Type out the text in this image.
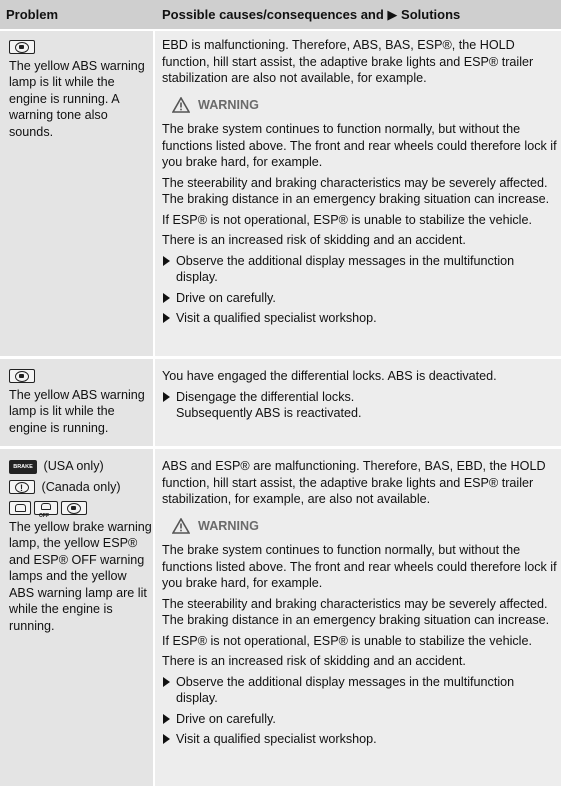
Problem	Possible causes/consequences and ▶ Solutions

The yellow ABS warning lamp is lit while the engine is running. A warning tone also sounds.

EBD is malfunctioning. Therefore, ABS, BAS, ESP®, the HOLD function, hill start assist, the adaptive brake lights and ESP® trailer stabilization are also not available, for example.

WARNING

The brake system continues to function normally, but without the functions listed above. The front and rear wheels could therefore lock if you brake hard, for example.

The steerability and braking characteristics may be severely affected. The braking distance in an emergency braking situation can increase.

If ESP® is not operational, ESP® is unable to stabilize the vehicle.

There is an increased risk of skidding and an accident.

Observe the additional display messages in the multifunction display.
Drive on carefully.
Visit a qualified specialist workshop.

The yellow ABS warning lamp is lit while the engine is running.

You have engaged the differential locks. ABS is deactivated.

Disengage the differential locks.
Subsequently ABS is reactivated.
BRAKE (USA only)
!
(Canada only)
OFF

The yellow brake warning lamp, the yellow ESP® and ESP® OFF warning lamps and the yellow ABS warning lamp are lit while the engine is running.

ABS and ESP® are malfunctioning. Therefore, BAS, EBD, the HOLD function, hill start assist, the adaptive brake lights and ESP® trailer stabilization, for example, are also not available.

WARNING

The brake system continues to function normally, but without the functions listed above. The front and rear wheels could therefore lock if you brake hard, for example.

The steerability and braking characteristics may be severely affected. The braking distance in an emergency braking situation can increase.

If ESP® is not operational, ESP® is unable to stabilize the vehicle.

There is an increased risk of skidding and an accident.

Observe the additional display messages in the multifunction display.
Drive on carefully.
Visit a qualified specialist workshop.
